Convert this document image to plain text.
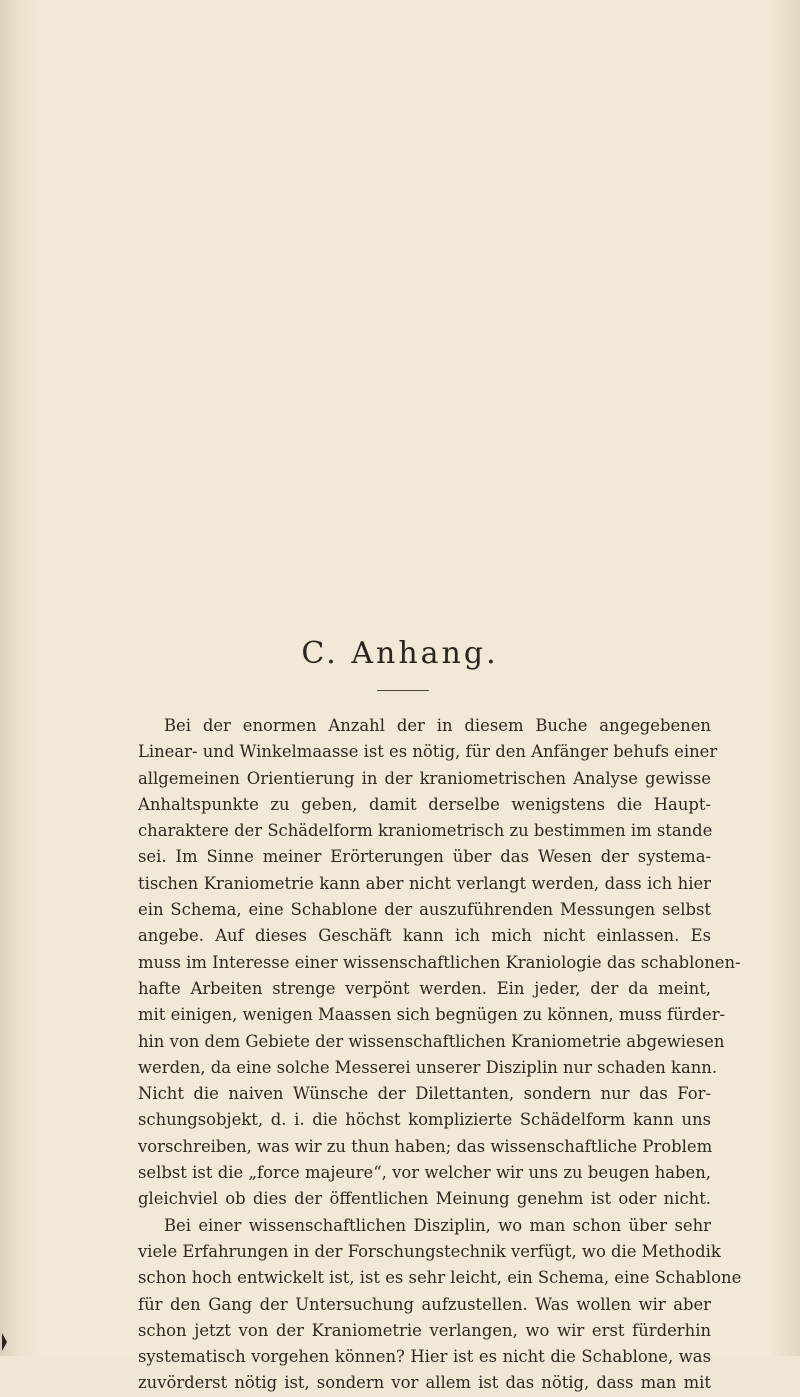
C. Anhang.
Bei der enormen Anzahl der in diesem Buche angegebenen
Linear- und Winkelmaasse ist es nötig, für den Anfänger behufs einer
allgemeinen Orientierung in der kraniometrischen Analyse gewisse
Anhaltspunkte zu geben, damit derselbe wenigstens die Haupt-
charaktere der Schädelform kraniometrisch zu bestimmen im stande
sei. Im Sinne meiner Erörterungen über das Wesen der systema-
tischen Kraniometrie kann aber nicht verlangt werden, dass ich hier
ein Schema, eine Schablone der auszuführenden Messungen selbst
angebe. Auf dieses Geschäft kann ich mich nicht einlassen. Es
muss im Interesse einer wissenschaftlichen Kraniologie das schablonen-
hafte Arbeiten strenge verpönt werden. Ein jeder, der da meint,
mit einigen, wenigen Maassen sich begnügen zu können, muss fürder-
hin von dem Gebiete der wissenschaftlichen Kraniometrie abgewiesen
werden, da eine solche Messerei unserer Disziplin nur schaden kann.
Nicht die naiven Wünsche der Dilettanten, sondern nur das For-
schungsobjekt, d. i. die höchst komplizierte Schädelform kann uns
vorschreiben, was wir zu thun haben; das wissenschaftliche Problem
selbst ist die „force majeure“, vor welcher wir uns zu beugen haben,
gleichviel ob dies der öffentlichen Meinung genehm ist oder nicht.
Bei einer wissenschaftlichen Disziplin, wo man schon über sehr
viele Erfahrungen in der Forschungstechnik verfügt, wo die Methodik
schon hoch entwickelt ist, ist es sehr leicht, ein Schema, eine Schablone
für den Gang der Untersuchung aufzustellen. Was wollen wir aber
schon jetzt von der Kraniometrie verlangen, wo wir erst fürderhin
systematisch vorgehen können? Hier ist es nicht die Schablone, was
zuvörderst nötig ist, sondern vor allem ist das nötig, dass man mit
